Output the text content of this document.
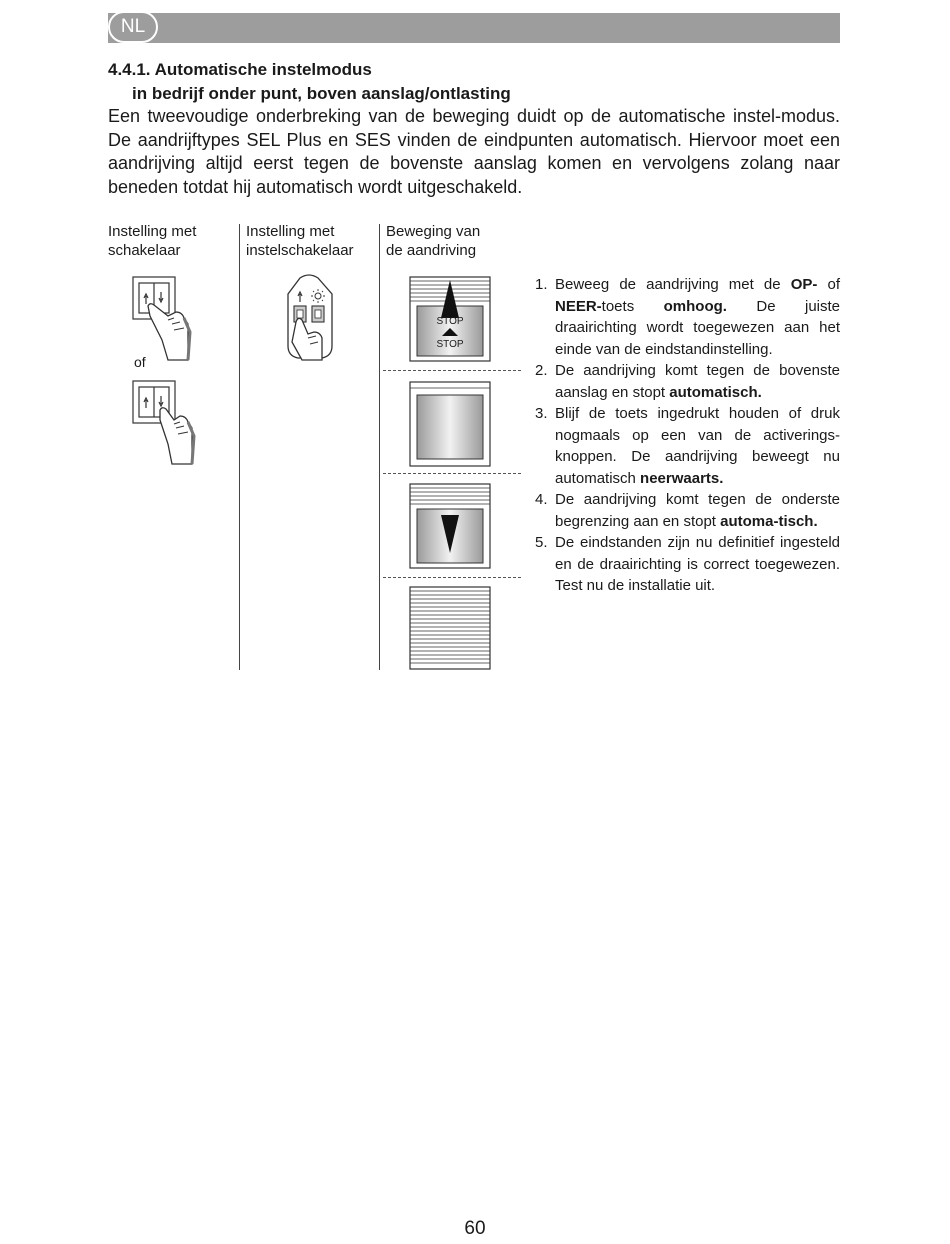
NL
4.4.1. Automatische instelmodus
in bedrijf onder punt, boven aanslag/ontlasting

Een tweevoudige onderbreking van de beweging duidt op de automatische instel-modus. De aandrijftypes SEL Plus en SES vinden de eindpunten automatisch. Hiervoor moet een aandrijving altijd eerst tegen de bovenste aanslag komen en vervolgens zolang naar beneden totdat hij automatisch wordt uitgeschakeld.

Instelling met
schakelaar
Instelling met
instelschakelaar
Beweging van
de aandriving
of
STOP
STOP
1. Beweeg de aandrijving met de OP- of NEER-toets omhoog. De juiste draairichting wordt toegewezen aan het einde van de eindstandinstelling.
2. De aandrijving komt tegen de bovenste aanslag en stopt automatisch.
3. Blijf de toets ingedrukt houden of druk nogmaals op een van de activerings-knoppen. De aandrijving beweegt nu automatisch neerwaarts.
4. De aandrijving komt tegen de onderste begrenzing aan en stopt automa-tisch.
5. De eindstanden zijn nu definitief ingesteld en de draairichting is correct toegewezen. Test nu de installatie uit.
60
